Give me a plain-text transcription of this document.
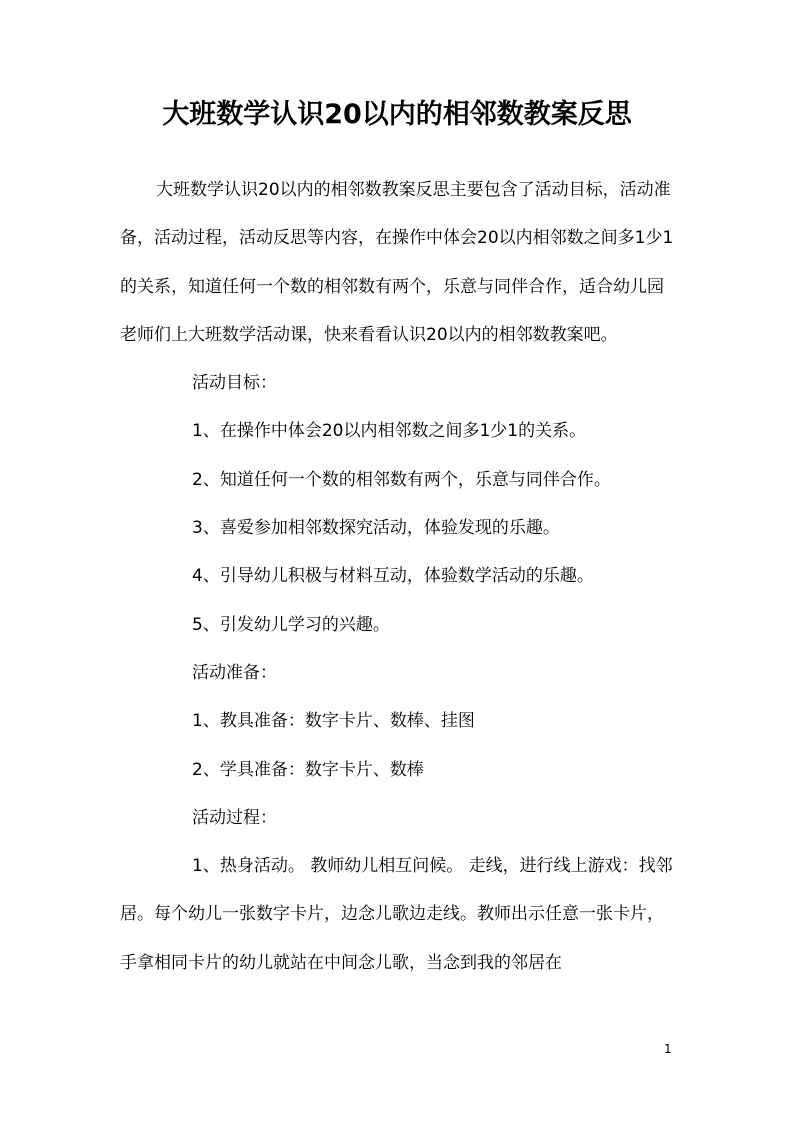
大班数学认识20以内的相邻数教案反思

大班数学认识20以内的相邻数教案反思主要包含了活动目标，活动准备，活动过程，活动反思等内容，在操作中体会20以内相邻数之间多1少1的关系，知道任何一个数的相邻数有两个，乐意与同伴合作，适合幼儿园老师们上大班数学活动课，快来看看认识20以内的相邻数教案吧。

活动目标：

1、在操作中体会20以内相邻数之间多1少1的关系。

2、知道任何一个数的相邻数有两个，乐意与同伴合作。

3、喜爱参加相邻数探究活动，体验发现的乐趣。

4、引导幼儿积极与材料互动，体验数学活动的乐趣。

5、引发幼儿学习的兴趣。

活动准备：

1、教具准备：数字卡片、数棒、挂图

2、学具准备：数字卡片、数棒

活动过程：

1、热身活动。 教师幼儿相互问候。 走线，进行线上游戏：找邻居。每个幼儿一张数字卡片，边念儿歌边走线。教师出示任意一张卡片，手拿相同卡片的幼儿就站在中间念儿歌，当念到我的邻居在

1
